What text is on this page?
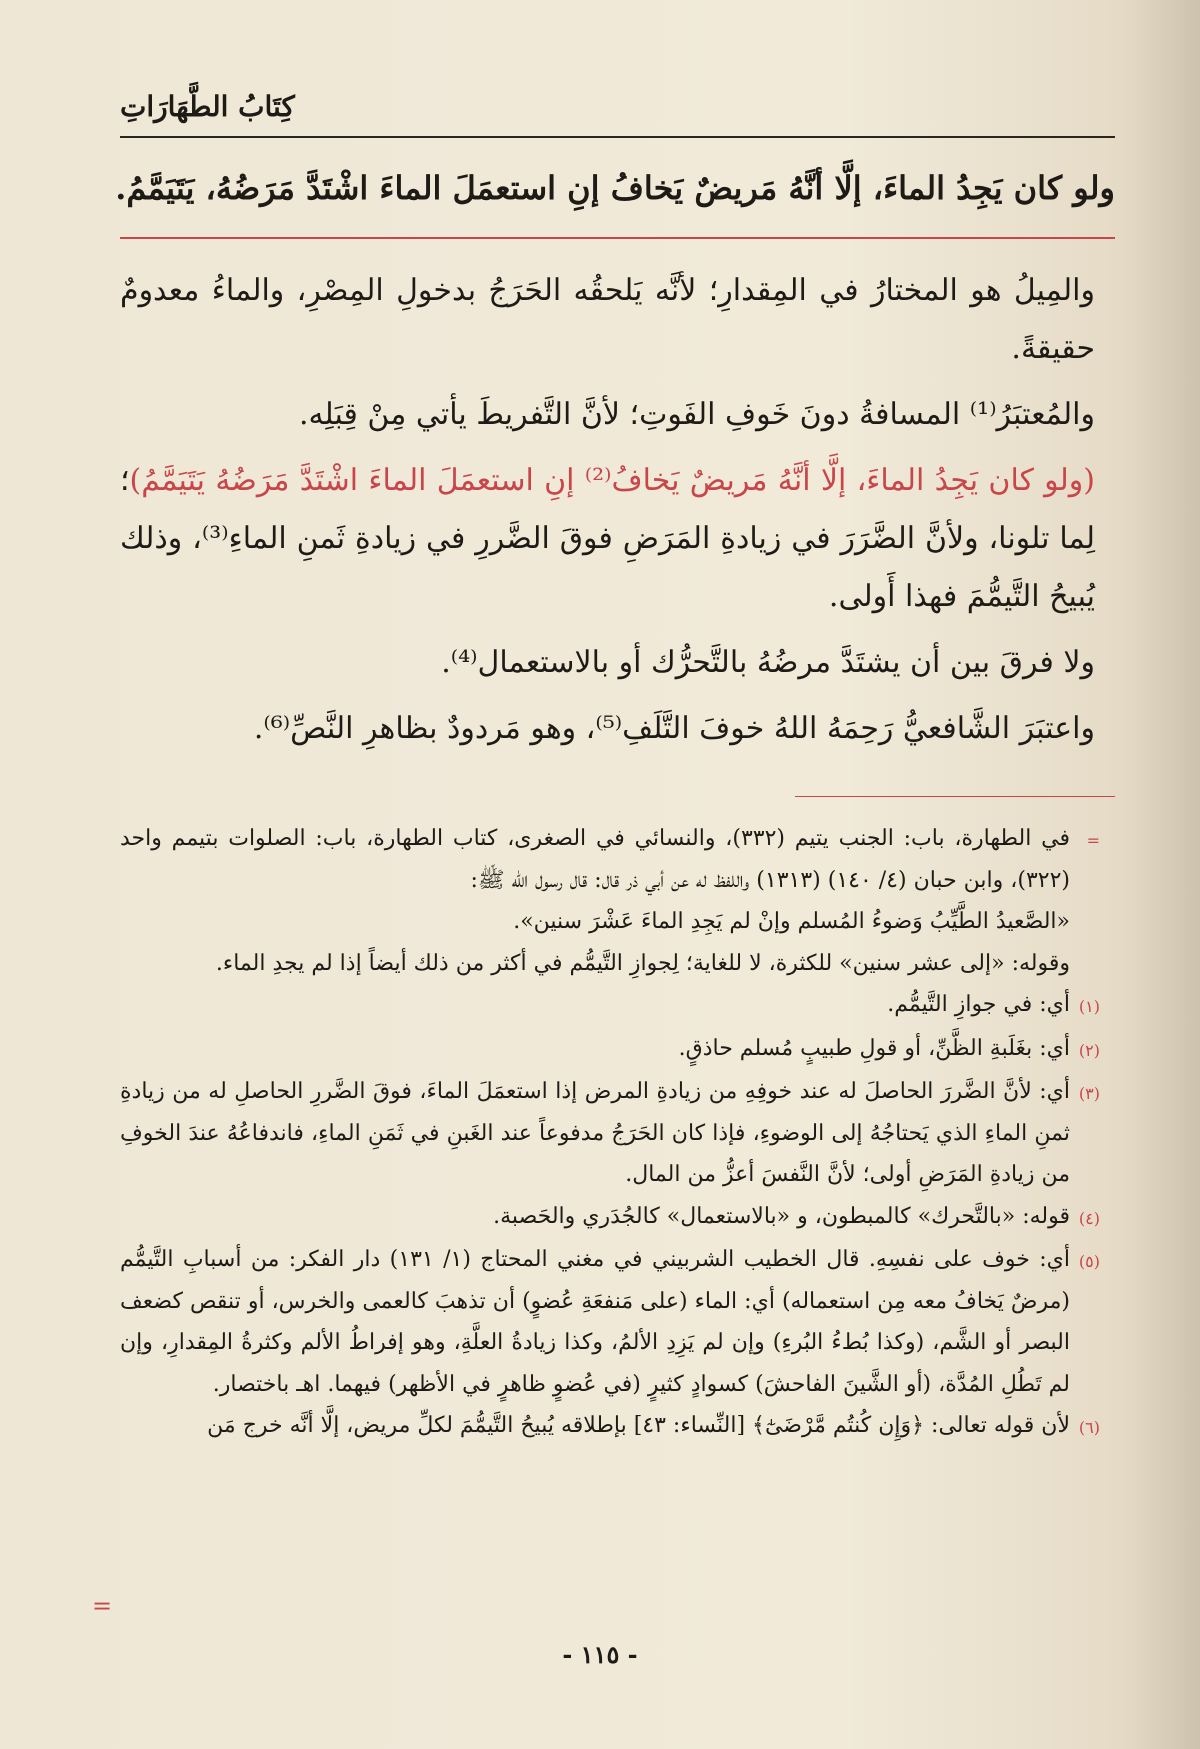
كِتَابُ الطَّهَارَاتِ
ولو كان يَجِدُ الماءَ، إلَّا أنَّهُ مَريضٌ يَخافُ إنِ استعمَلَ الماءَ اشْتَدَّ مَرَضُهُ، يَتَيَمَّمُ.

والمِيلُ هو المختارُ في المِقدارِ؛ لأنَّه يَلحقُه الحَرَجُ بدخولِ المِصْرِ، والماءُ معدومٌ حقيقةً.

والمُعتبَرُ⁽¹⁾ المسافةُ دونَ خَوفِ الفَوتِ؛ لأنَّ التَّفريطَ يأتي مِنْ قِبَلِه.

(ولو كان يَجِدُ الماءَ، إلَّا أنَّهُ مَريضٌ يَخافُ⁽²⁾ إنِ استعمَلَ الماءَ اشْتَدَّ مَرَضُهُ يَتَيَمَّمُ)؛ لِما تلونا، ولأنَّ الضَّرَرَ في زيادةِ المَرَضِ فوقَ الضَّررِ في زيادةِ ثَمنِ الماءِ⁽³⁾، وذلك يُبيحُ التَّيمُّمَ فهذا أَولى.

ولا فرقَ بين أن يشتَدَّ مرضُهُ بالتَّحرُّك أو بالاستعمال⁽⁴⁾.

واعتبَرَ الشَّافعيُّ رَحِمَهُ اللهُ خوفَ التَّلَفِ⁽⁵⁾، وهو مَردودٌ بظاهرِ النَّصِّ⁽⁶⁾.

=
في الطهارة، باب: الجنب يتيم (٣٣٢)، والنسائي في الصغرى، كتاب الطهارة، باب: الصلوات بتيمم واحد (٣٢٢)، وابن حبان (٤/ ١٤٠) (١٣١٣) واللفظ له عن أبي ذر قال: قال رسول الله ﷺ:
«الصَّعيدُ الطَّيِّبُ وَضوءُ المُسلم وإنْ لم يَجِدِ الماءَ عَشْرَ سنين».
وقوله: «إلى عشر سنين» للكثرة، لا للغاية؛ لِجوازِ التَّيمُّم في أكثر من ذلك أيضاً إذا لم يجدِ الماء.
(١)
أي: في جوازِ التَّيمُّم.
(٢)
أي: بغَلَبةِ الظَّنِّ، أو قولِ طبيبٍ مُسلم حاذقٍ.
(٣)
أي: لأنَّ الضَّررَ الحاصلَ له عند خوفِهِ من زيادةِ المرض إذا استعمَلَ الماءَ، فوقَ الضَّررِ الحاصلِ له من زيادةِ ثمنِ الماءِ الذي يَحتاجُهُ إلى الوضوءِ، فإذا كان الحَرَجُ مدفوعاً عند الغَبنِ في ثَمَنِ الماءِ، فاندفاعُهُ عندَ الخوفِ من زيادةِ المَرَضِ أولى؛ لأنَّ النَّفسَ أعزُّ من المال.
(٤)
قوله: «بالتَّحرك» كالمبطون، و «بالاستعمال» كالجُدَري والحَصبة.
(٥)
أي: خوف على نفسِهِ. قال الخطيب الشربيني في مغني المحتاج (١/ ١٣١) دار الفكر: من أسبابِ التَّيمُّم (مرضٌ يَخافُ معه مِن استعماله) أي: الماء (على مَنفعَةِ عُضوٍ) أن تذهبَ كالعمى والخرس، أو تنقص كضعف البصر أو الشَّم، (وكذا بُطءُ البُرءِ) وإن لم يَزِدِ الألمُ، وكذا زيادةُ العلَّةِ، وهو إفراطُ الألم وكثرةُ المِقدارِ، وإن لم تَطُلِ المُدَّة، (أو الشَّينَ الفاحشَ) كسوادٍ كثيرٍ (في عُضوٍ ظاهرٍ في الأظهر) فيهما. اهـ باختصار.
(٦)
لأن قوله تعالى: ﴿وَإِن كُنتُم مَّرْضَىٰٓ﴾ [النِّساء: ٤٣] بإطلاقه يُبيحُ التَّيمُّمَ لكلِّ مريض، إلَّا أنَّه خرج مَن
=
- ١١٥ -
